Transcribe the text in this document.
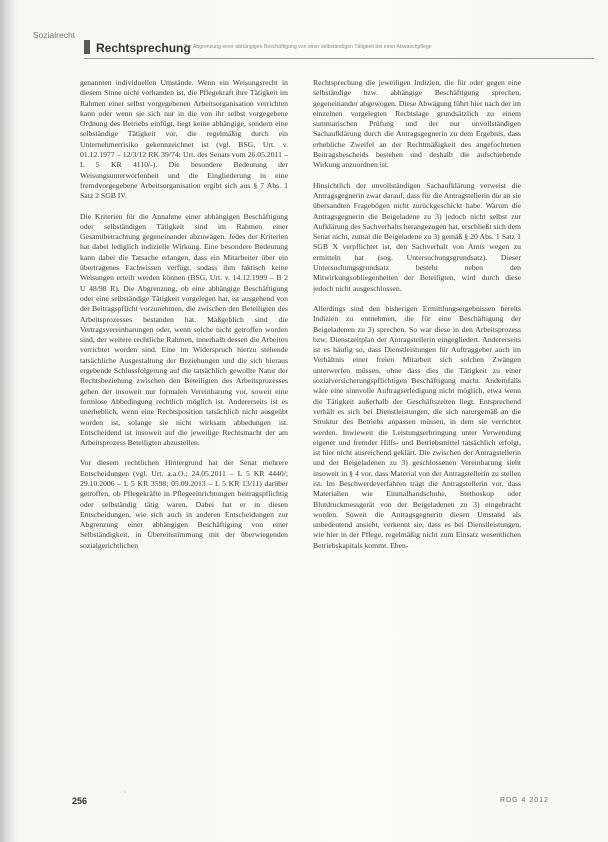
Sozialrecht
Rechtsprechung
Zur Abgrenzung einer abhängigen Beschäftigung von einer selbständigen Tätigkeit bei einer Abwaschpflege

genannten individuellen Umstände. Wenn ein Weisungsrecht in diesem Sinne nicht vorhanden ist, die Pflegekraft ihre Tätigkeit im Rahmen einer selbst vorgegebenen Arbeitsorganisation verrichten kann oder wenn sie sich nur in die von ihr selbst vorgegebene Ordnung des Betriebs einfügt, liegt keine abhängige, sondern eine selbständige Tätigkeit vor, die regelmäßig durch ein Unternehmerrisiko gekennzeichnet ist (vgl. BSG, Urt. v. 01.12.1977 – 12/3/12 RK 39/74; Urt. des Senats vom 26.05.2011 – L 5 KR 4110/-). Die besondere Bedeutung der Weisungsunterworfenheit und die Eingliederung in eine fremdvorgegebene Arbeitsorganisation ergibt sich aus § 7 Abs. 1 Satz 2 SGB IV.

Die Kriterien für die Annahme einer abhängigen Beschäftigung oder selbständigen Tätigkeit sind im Rahmen einer Gesamtbetrachtung gegeneinander abzuwägen. Jedes der Kriterien hat dabei lediglich indizielle Wirkung. Eine besondere Bedeutung kann dabei die Tatsache erlangen, dass ein Mitarbeiter über ein übertragenes Fachwissen verfügt, sodass ihm faktisch keine Weisungen erteilt werden können (BSG, Urt. v. 14.12.1999 – B 2 U 48/98 R). Die Abgrenzung, ob eine abhängige Beschäftigung oder eine selbständige Tätigkeit vorgelegen hat, ist ausgehend von der Beitragspflicht vorzunehmen, die zwischen den Beteiligten des Arbeitsprozesses bestanden hat. Maßgeblich sind die Vertragsvereinbarungen oder, wenn solche nicht getroffen worden sind, der weitere rechtliche Rahmen, innerhalb dessen die Arbeiten verrichtet worden sind. Eine im Widerspruch hierzu stehende tatsächliche Ausgestaltung der Beziehungen und die sich hieraus ergebende Schlussfolgerung auf die tatsächlich gewollte Natur der Rechtsbeziehung zwischen den Beteiligten des Arbeitsprozesses gehen der insoweit nur formalen Vereinbarung vor, soweit eine formlose Abbedingung rechtlich möglich ist. Andererseits ist es unerheblich, wenn eine Rechtsposition tatsächlich nicht ausgeübt worden ist, solange sie nicht wirksam abbedungen ist. Entscheidend ist insoweit auf die jeweilige Rechtsmacht der am Arbeitsprozess Beteiligten abzustellen.

Vor diesem rechtlichen Hintergrund hat der Senat mehrere Entscheidungen (vgl. Urt. a.a.O.; 24.05.2011 – L 5 KR 4440/; 29.10.2006 – L 5 KR 3598; 05.09.2013 – L 5 KR 13/11) darüber getroffen, ob Pflegekräfte in Pflegeeinrichtungen beitragspflichtig oder selbständig tätig waren. Dabei hat er in diesen Entscheidungen, wie sich auch in anderen Entscheidungen zur Abgrenzung einer abhängigen Beschäftigung von einer Selbständigkeit, in Übereinstimmung mit der überwiegenden sozialgerichtlichen

Rechtsprechung die jeweiligen Indizien, die für oder gegen eine selbständige bzw. abhängige Beschäftigung sprechen, gegeneinander abgewogen. Diese Abwägung führt hier nach der im einzelnen vorgelegten Rechtslage grundsätzlich zu einem summarischen Prüfung und der nur unvollständigen Sachaufklärung durch die Antragsgegnerin zu dem Ergebnis, dass erhebliche Zweifel an der Rechtmäßigkeit des angefochtenen Beitragsbescheids bestehen und deshalb die aufschiebende Wirkung anzuordnen ist.

Hinsichtlich der unvollständigen Sachaufklärung verweist die Antragsgegnerin zwar darauf, dass für die Antragstellerin die an sie übersandten Fragebögen nicht zurückgeschickt habe. Warum die Antragsgegnerin die Beigeladene zu 3) jedoch nicht selbst zur Aufklärung des Sachverhalts herangezogen hat, erschließt sich dem Senat nicht, zumal die Beigeladene zu 3) gemäß § 20 Abs. 1 Satz 1 SGB X verpflichtet ist, den Sachverhalt von Amts wegen zu ermitteln hat (sog. Untersuchungsgrundsatz). Dieser Untersuchungsgrundsatz besteht neben den Mitwirkungsobliegenheiten der Beteiligten, wird durch diese jedoch nicht ausgeschlossen.

Allerdings sind den bisherigen Ermittlungsergebnissen bereits Indizien zu entnehmen, die für eine Beschäftigung der Beigeladenen zu 3) sprechen. So war diese in den Arbeitsprozess bzw. Dienstzeitplan der Antragstellerin eingegliedert. Andererseits ist es häufig so, dass Dienstleistungen für Auftraggeber auch im Verhältnis einer freien Mitarbeit sich solchen Zwängen unterwerfen müssen, ohne dass dies die Tätigkeit zu einer sozialversicherungspflichtigen Beschäftigung macht. Andernfalls wäre eine sinnvolle Auftragserledigung nicht möglich, etwa wenn die Tätigkeit außerhalb der Geschäftszeiten liegt. Entsprechend verhält es sich bei Dienstleistungen, die sich naturgemäß an die Struktur des Betriebs anpassen müssen, in dem sie verrichtet werden. Inwieweit die Leistungserbringung unter Verwendung eigener und fremder Hilfs- und Betriebsmittel tatsächlich erfolgt, ist hier nicht ausreichend geklärt. Die zwischen der Antragstellerin und der Beigeladenen zu 3) geschlossenen Vereinbarung sieht insoweit in § 4 vor, dass Material von der Antragstellerin zu stellen ist. Im Beschwerdeverfahren trägt die Antragstellerin vor, dass Materialien wie Einmalhandschuhe, Stethoskop oder Blutdruckmessgerät von der Beigeladenen zu 3) eingebracht worden. Soweit die Antragsgegnerin diesen Umstand als unbedeutend ansieht, verkennt sie, dass es bei Dienstleistungen, wie hier in der Pflege, regelmäßig nicht zum Einsatz wesentlichen Betriebskapitals kommt. Eben-

256
· /·
RDG 4 2012
